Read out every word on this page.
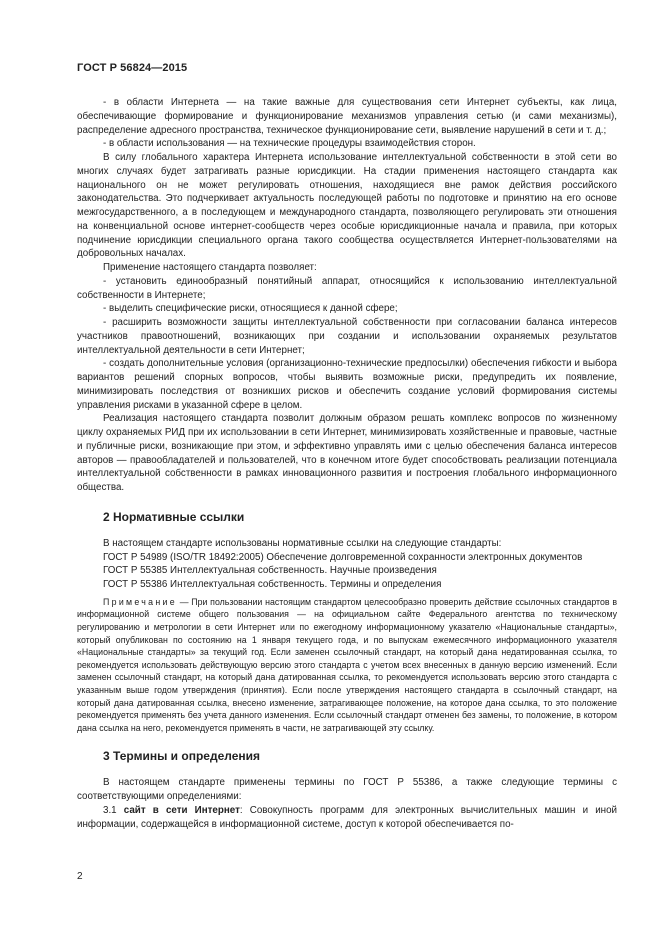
ГОСТ Р 56824—2015

- в области Интернета — на такие важные для существования сети Интернет субъекты, как лица, обеспечивающие формирование и функционирование механизмов управления сетью (и сами механизмы), распределение адресного пространства, техническое функционирование сети, выявление нарушений в сети и т. д.;

- в области использования — на технические процедуры взаимодействия сторон.

В силу глобального характера Интернета использование интеллектуальной собственности в этой сети во многих случаях будет затрагивать разные юрисдикции. На стадии применения настоящего стандарта как национального он не может регулировать отношения, находящиеся вне рамок действия российского законодательства. Это подчеркивает актуальность последующей работы по подготовке и принятию на его основе межгосударственного, а в последующем и международного стандарта, позволяющего регулировать эти отношения на конвенциальной основе интернет-сообществ через особые юрисдикционные начала и правила, при которых подчинение юрисдикции специального органа такого сообщества осуществляется Интернет-пользователями на добровольных началах.

Применение настоящего стандарта позволяет:

- установить единообразный понятийный аппарат, относящийся к использованию интеллектуальной собственности в Интернете;

- выделить специфические риски, относящиеся к данной сфере;

- расширить возможности защиты интеллектуальной собственности при согласовании баланса интересов участников правоотношений, возникающих при создании и использовании охраняемых результатов интеллектуальной деятельности в сети Интернет;

- создать дополнительные условия (организационно-технические предпосылки) обеспечения гибкости и выбора вариантов решений спорных вопросов, чтобы выявить возможные риски, предупредить их появление, минимизировать последствия от возникших рисков и обеспечить создание условий формирования системы управления рисками в указанной сфере в целом.

Реализация настоящего стандарта позволит должным образом решать комплекс вопросов по жизненному циклу охраняемых РИД при их использовании в сети Интернет, минимизировать хозяйственные и правовые, частные и публичные риски, возникающие при этом, и эффективно управлять ими с целью обеспечения баланса интересов авторов — правообладателей и пользователей, что в конечном итоге будет способствовать реализации потенциала интеллектуальной собственности в рамках инновационного развития и построения глобального информационного общества.

2 Нормативные ссылки

В настоящем стандарте использованы нормативные ссылки на следующие стандарты:

ГОСТ Р 54989 (ISO/TR 18492:2005) Обеспечение долговременной сохранности электронных документов

ГОСТ Р 55385 Интеллектуальная собственность. Научные произведения

ГОСТ Р 55386 Интеллектуальная собственность. Термины и определения

Примечание — При пользовании настоящим стандартом целесообразно проверить действие ссылочных стандартов в информационной системе общего пользования — на официальном сайте Федерального агентства по техническому регулированию и метрологии в сети Интернет или по ежегодному информационному указателю «Национальные стандарты», который опубликован по состоянию на 1 января текущего года, и по выпускам ежемесячного информационного указателя «Национальные стандарты» за текущий год. Если заменен ссылочный стандарт, на который дана недатированная ссылка, то рекомендуется использовать действующую версию этого стандарта с учетом всех внесенных в данную версию изменений. Если заменен ссылочный стандарт, на который дана датированная ссылка, то рекомендуется использовать версию этого стандарта с указанным выше годом утверждения (принятия). Если после утверждения настоящего стандарта в ссылочный стандарт, на который дана датированная ссылка, внесено изменение, затрагивающее положение, на которое дана ссылка, то это положение рекомендуется применять без учета данного изменения. Если ссылочный стандарт отменен без замены, то положение, в котором дана ссылка на него, рекомендуется применять в части, не затрагивающей эту ссылку.

3 Термины и определения

В настоящем стандарте применены термины по ГОСТ Р 55386, а также следующие термины с соответствующими определениями:

3.1 сайт в сети Интернет: Совокупность программ для электронных вычислительных машин и иной информации, содержащейся в информационной системе, доступ к которой обеспечивается по-

2
